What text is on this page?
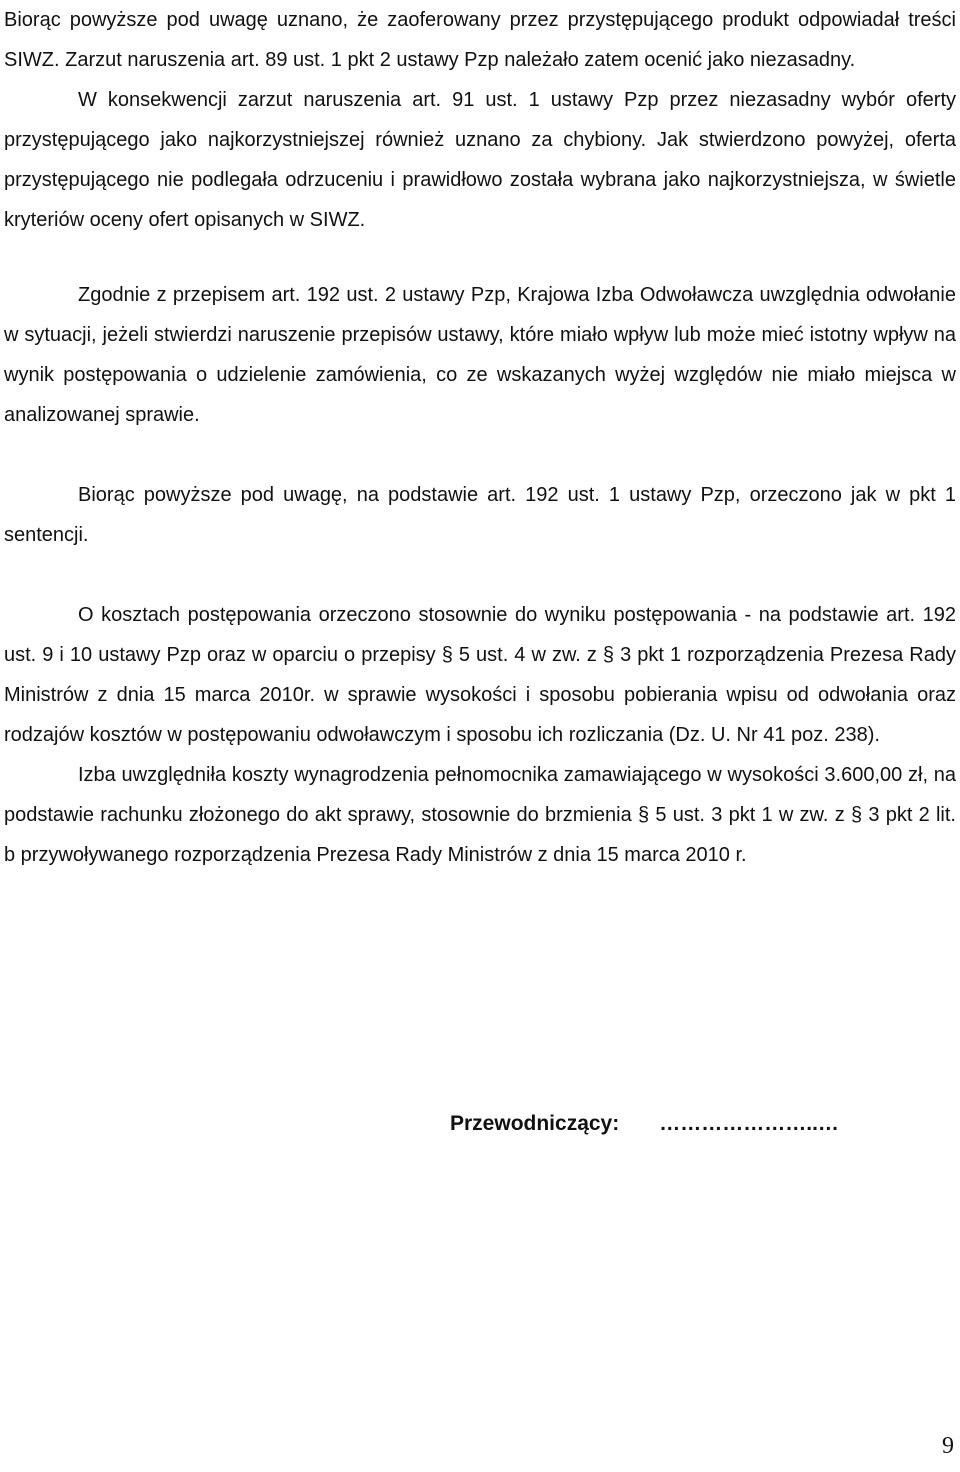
Biorąc powyższe pod uwagę uznano, że zaoferowany przez przystępującego produkt odpowiadał treści SIWZ. Zarzut naruszenia art. 89 ust. 1 pkt 2 ustawy Pzp należało zatem ocenić jako niezasadny.

W konsekwencji zarzut naruszenia art. 91 ust. 1 ustawy Pzp przez niezasadny wybór oferty przystępującego jako najkorzystniejszej również uznano za chybiony. Jak stwierdzono powyżej, oferta przystępującego nie podlegała odrzuceniu i prawidłowo została wybrana jako najkorzystniejsza, w świetle kryteriów oceny ofert opisanych w SIWZ.

Zgodnie z przepisem art. 192 ust. 2 ustawy Pzp, Krajowa Izba Odwoławcza uwzględnia odwołanie w sytuacji, jeżeli stwierdzi naruszenie przepisów ustawy, które miało wpływ lub może mieć istotny wpływ na wynik postępowania o udzielenie zamówienia, co ze wskazanych wyżej względów nie miało miejsca w analizowanej sprawie.

Biorąc powyższe pod uwagę, na podstawie art. 192 ust. 1 ustawy Pzp, orzeczono jak w pkt 1 sentencji.

O kosztach postępowania orzeczono stosownie do wyniku postępowania - na podstawie art. 192 ust. 9 i 10 ustawy Pzp oraz w oparciu o przepisy § 5 ust. 4 w zw. z § 3 pkt 1 rozporządzenia Prezesa Rady Ministrów z dnia 15 marca 2010r. w sprawie wysokości i sposobu pobierania wpisu od odwołania oraz rodzajów kosztów w postępowaniu odwoławczym i sposobu ich rozliczania (Dz. U. Nr 41 poz. 238).

Izba uwzględniła koszty wynagrodzenia pełnomocnika zamawiającego w wysokości 3.600,00 zł, na podstawie rachunku złożonego do akt sprawy, stosownie do brzmienia § 5 ust. 3 pkt 1 w zw. z § 3 pkt 2 lit. b przywoływanego rozporządzenia Prezesa Rady Ministrów z dnia 15 marca 2010 r.

Przewodniczący: …………………..…
9
